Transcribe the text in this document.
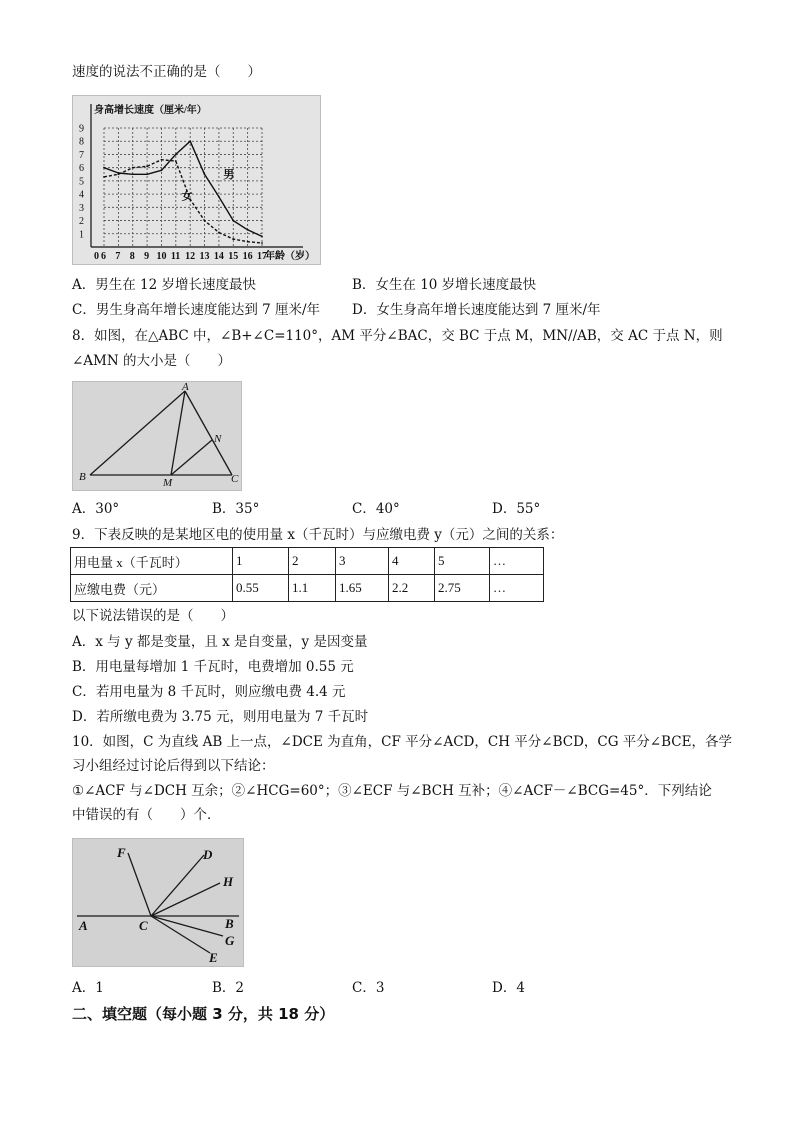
速度的说法不正确的是（　　）
身高增长速度（厘米/年）
1
2
3
4
5
6
7
8
9
0 6 7 8 9 10 11 12 13 14 15 16 17
年龄（岁）
男
女
A．男生在 12 岁增长速度最快	B．女生在 10 岁增长速度最快
C．男生身高年增长速度能达到 7 厘米/年 D．女生身高年增长速度能达到 7 厘米/年
8．如图，在△ABC 中，∠B+∠C=110°，AM 平分∠BAC，交 BC 于点 M，MN//AB，交 AC 于点 N，则
∠AMN 的大小是（　　）
A
B	C
M
N
A．30°	B．35°	C．40°	D．55°
9．下表反映的是某地区电的使用量 x（千瓦时）与应缴电费 y（元）之间的关系：
用电量 x（千瓦时）	1	2	3	4	5	…
应缴电费（元）	0.55	1.1	1.65	2.2	2.75	…
以下说法错误的是（　　）
A．x 与 y 都是变量，且 x 是自变量，y 是因变量
B．用电量每增加 1 千瓦时，电费增加 0.55 元
C．若用电量为 8 千瓦时，则应缴电费 4.4 元
D．若所缴电费为 3.75 元，则用电量为 7 千瓦时
10．如图，C 为直线 AB 上一点，∠DCE 为直角，CF 平分∠ACD，CH 平分∠BCD，CG 平分∠BCE，各学
习小组经过讨论后得到以下结论：
①∠ACF 与∠DCH 互余；②∠HCG=60°；③∠ECF 与∠BCH 互补；④∠ACF－∠BCG=45°．下列结论
中错误的有（　　）个．
F	D
H
A	C	B
G
E
A．1	B．2	C．3	D．4
二、填空题（每小题 3 分，共 18 分）
